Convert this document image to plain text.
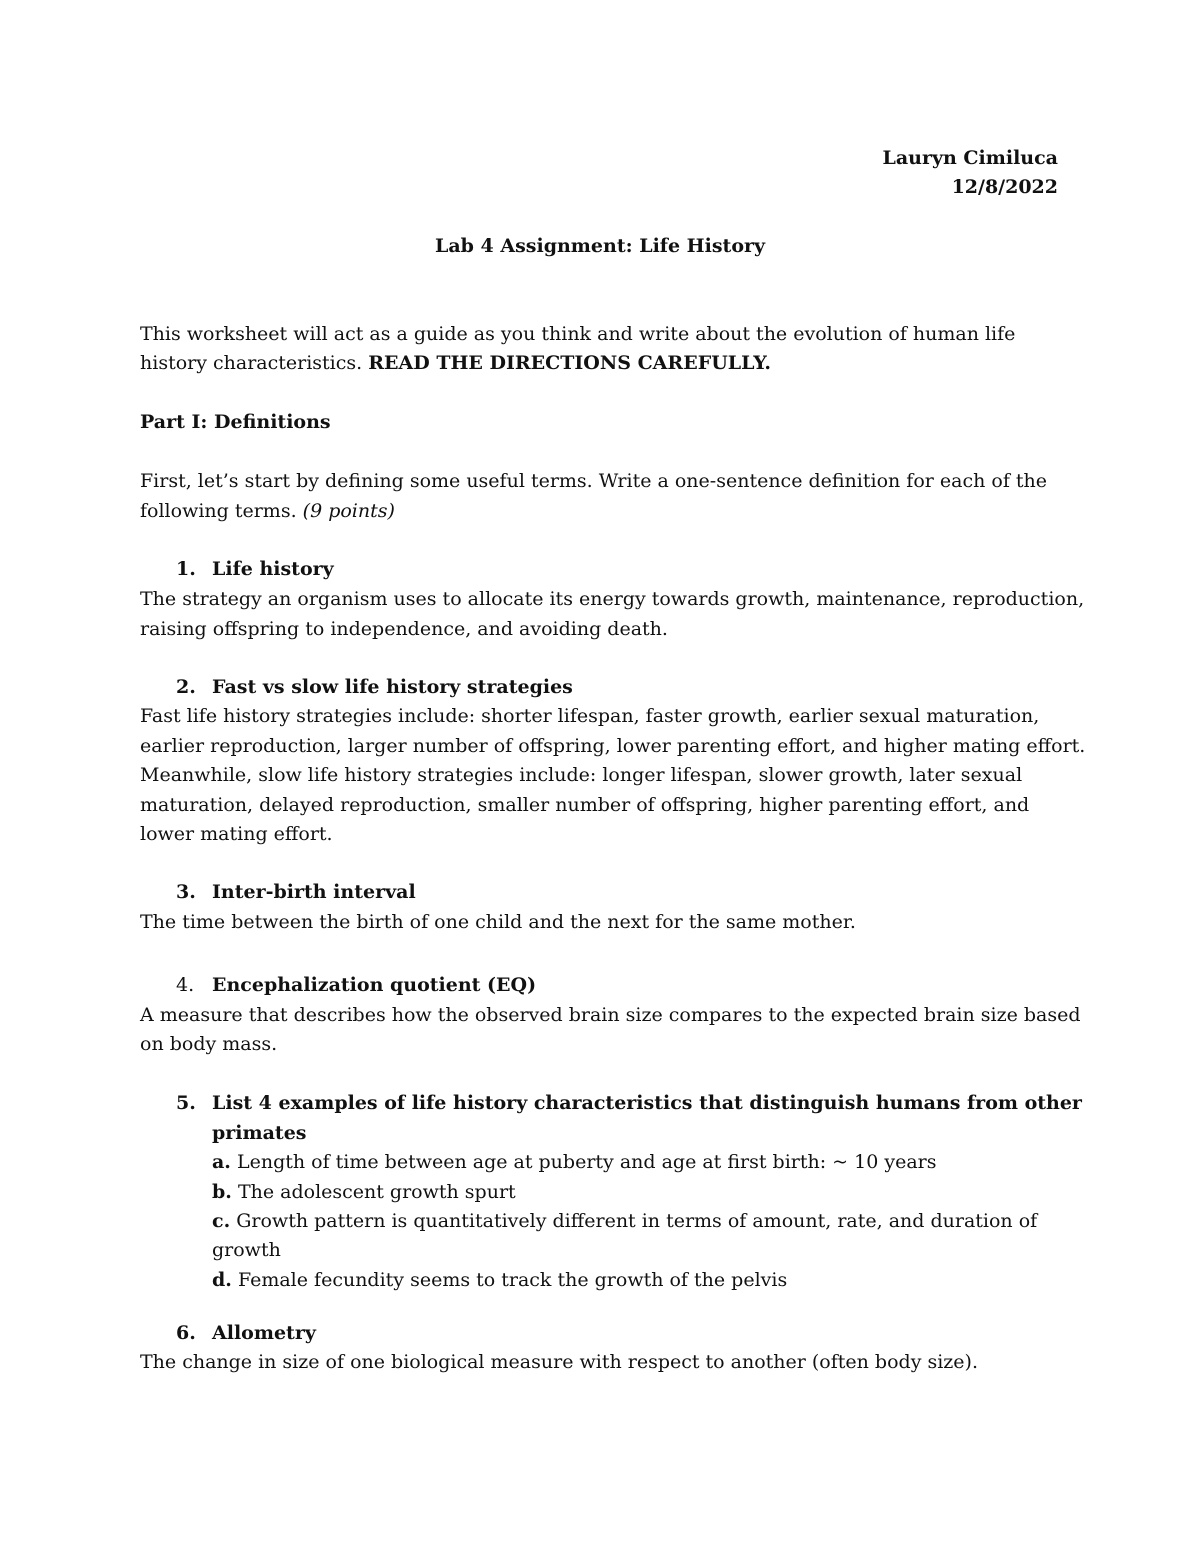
Lauryn Cimiluca
12/8/2022
Lab 4 Assignment: Life History
This worksheet will act as a guide as you think and write about the evolution of human life
history characteristics. READ THE DIRECTIONS CAREFULLY.
Part I: Definitions
First, let’s start by defining some useful terms. Write a one-sentence definition for each of the
following terms. (9 points)
1. Life history
The strategy an organism uses to allocate its energy towards growth, maintenance, reproduction,
raising offspring to independence, and avoiding death.
2. Fast vs slow life history strategies
Fast life history strategies include: shorter lifespan, faster growth, earlier sexual maturation,
earlier reproduction, larger number of offspring, lower parenting effort, and higher mating effort.
Meanwhile, slow life history strategies include: longer lifespan, slower growth, later sexual
maturation, delayed reproduction, smaller number of offspring, higher parenting effort, and
lower mating effort.
3. Inter-birth interval
The time between the birth of one child and the next for the same mother.
4. Encephalization quotient (EQ)
A measure that describes how the observed brain size compares to the expected brain size based
on body mass.
5. List 4 examples of life history characteristics that distinguish humans from other
primates
a. Length of time between age at puberty and age at first birth: ~ 10 years
b. The adolescent growth spurt
c. Growth pattern is quantitatively different in terms of amount, rate, and duration of
growth
d. Female fecundity seems to track the growth of the pelvis
6. Allometry
The change in size of one biological measure with respect to another (often body size).
